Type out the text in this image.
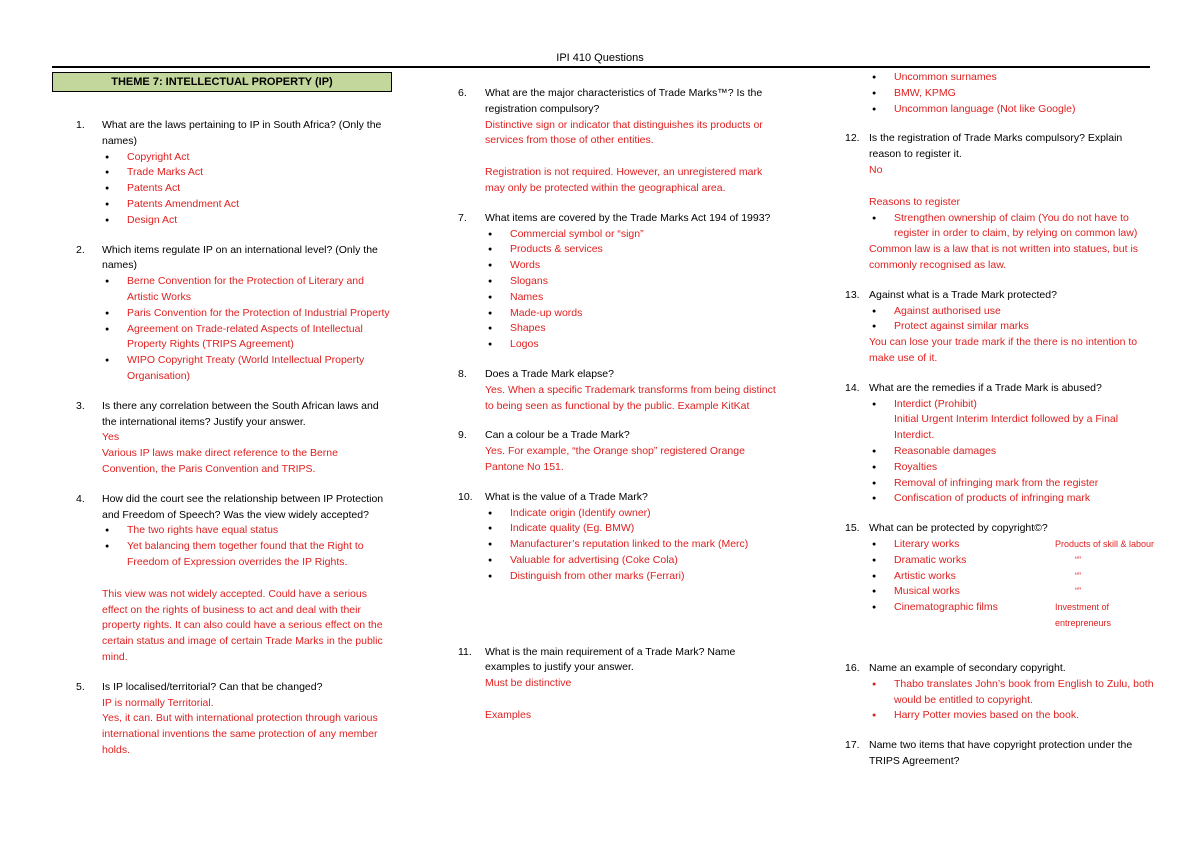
IPI 410 Questions
THEME 7: INTELLECTUAL PROPERTY (IP)
1. What are the laws pertaining to IP in South Africa? (Only the names)
● Copyright Act
● Trade Marks Act
● Patents Act
● Patents Amendment Act
● Design Act
2. Which items regulate IP on an international level? (Only the names)
● Berne Convention for the Protection of Literary and Artistic Works
● Paris Convention for the Protection of Industrial Property
● Agreement on Trade-related Aspects of Intellectual Property Rights (TRIPS Agreement)
● WIPO Copyright Treaty (World Intellectual Property Organisation)
3. Is there any correlation between the South African laws and the international items? Justify your answer.
Yes
Various IP laws make direct reference to the Berne Convention, the Paris Convention and TRIPS.
4. How did the court see the relationship between IP Protection and Freedom of Speech? Was the view widely accepted?
● The two rights have equal status
● Yet balancing them together found that the Right to Freedom of Expression overrides the IP Rights.
This view was not widely accepted. Could have a serious effect on the rights of business to act and deal with their property rights. It can also could have a serious effect on the certain status and image of certain Trade Marks in the public mind.
5. Is IP localised/territorial? Can that be changed?
IP is normally Territorial.
Yes, it can. But with international protection through various international inventions the same protection of any member holds.
6. What are the major characteristics of Trade Marks™? Is the registration compulsory?
Distinctive sign or indicator that distinguishes its products or services from those of other entities.
Registration is not required. However, an unregistered mark may only be protected within the geographical area.
7. What items are covered by the Trade Marks Act 194 of 1993?
● Commercial symbol or “sign”
● Products & services
● Words
● Slogans
● Names
● Made-up words
● Shapes
● Logos
8. Does a Trade Mark elapse?
Yes. When a specific Trademark transforms from being distinct to being seen as functional by the public. Example KitKat
9. Can a colour be a Trade Mark?
Yes. For example, “the Orange shop” registered Orange Pantone No 151.
10. What is the value of a Trade Mark?
● Indicate origin (Identify owner)
● Indicate quality (Eg. BMW)
● Manufacturer’s reputation linked to the mark (Merc)
● Valuable for advertising (Coke Cola)
● Distinguish from other marks (Ferrari)
11. What is the main requirement of a Trade Mark? Name examples to justify your answer.
Must be distinctive
Examples
● Uncommon surnames
● BMW, KPMG
● Uncommon language (Not like Google)
12. Is the registration of Trade Marks compulsory? Explain reason to register it.
No
Reasons to register
● Strengthen ownership of claim (You do not have to register in order to claim, by relying on common law)
Common law is a law that is not written into statues, but is commonly recognised as law.
13. Against what is a Trade Mark protected?
● Against authorised use
● Protect against similar marks
You can lose your trade mark if the there is no intention to make use of it.
14. What are the remedies if a Trade Mark is abused?
● Interdict (Prohibit)
Initial Urgent Interim Interdict followed by a Final Interdict.
● Reasonable damages
● Royalties
● Removal of infringing mark from the register
● Confiscation of products of infringing mark
15. What can be protected by copyright©?
● Literary works	Products of skill & labour
● Dramatic works	“”
● Artistic works	“”
● Musical works	“”
● Cinematographic films	Investment of entrepreneurs
16. Name an example of secondary copyright.
● Thabo translates John’s book from English to Zulu, both would be entitled to copyright.
● Harry Potter movies based on the book.
17. Name two items that have copyright protection under the TRIPS Agreement?
